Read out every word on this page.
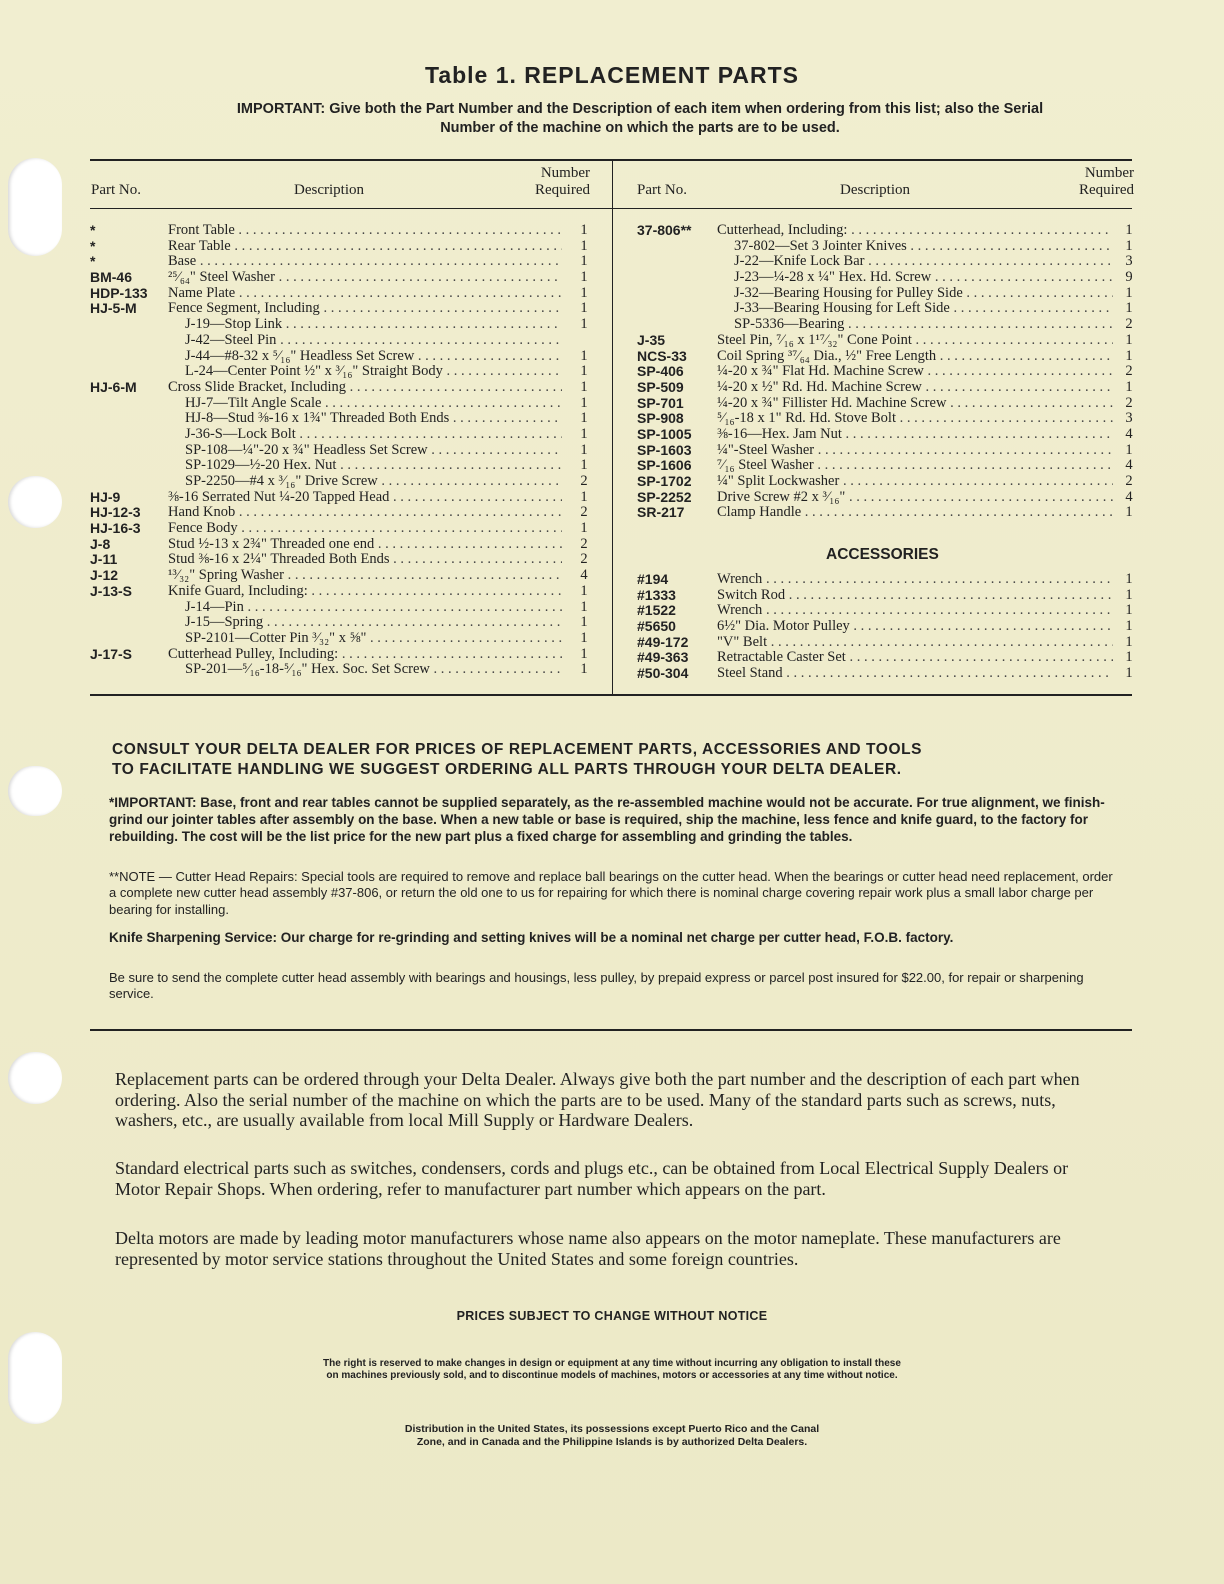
Table 1. REPLACEMENT PARTS
IMPORTANT: Give both the Part Number and the Description of each item when ordering from this list; also the Serial
Number of the machine on which the parts are to be used.
Part No.	Description
Number
Required	Part No.	Description
Number
Required
*	Front Table . . .	1
*	Rear Table . . .	1
*	Base . . .	1
BM-46 ²⁵⁄₆₄" Steel Washer . . .	1
HDP-133 Name Plate . . .	1
HJ-5-M Fence Segment, Including . . .	1
J-19—Stop Link . . .	1
J-42—Steel Pin . . .
J-44—#8-32 x ⁵⁄₁₆" Headless Set Screw . . .	1
L-24—Center Point ½" x ³⁄₁₆" Straight Body . . .	1
HJ-6-M Cross Slide Bracket, Including . . .	1
HJ-7—Tilt Angle Scale . . .	1
HJ-8—Stud ⅜-16 x 1¾" Threaded Both Ends . . .	1
J-36-S—Lock Bolt . . .	1
SP-108—¼"-20 x ¾" Headless Set Screw . . .	1
SP-1029—½-20 Hex. Nut . . .	1
SP-2250—#4 x ³⁄₁₆" Drive Screw . . .	2
HJ-9	⅜-16 Serrated Nut ¼-20 Tapped Head . . .	1
HJ-12-3 Hand Knob . . .	2
HJ-16-3 Fence Body . . .	1
J-8	Stud ½-13 x 2¾" Threaded one end . . .	2
J-11	Stud ⅜-16 x 2¼" Threaded Both Ends . . .	2
J-12	¹³⁄₃₂" Spring Washer . . .	4
J-13-S Knife Guard, Including: . . .	1
J-14—Pin . . .	1
J-15—Spring . . .	1
SP-2101—Cotter Pin ³⁄₃₂" x ⅝" . . .	1
J-17-S Cutterhead Pulley, Including: . . .	1
SP-201—⁵⁄₁₆-18-⁵⁄₁₆" Hex. Soc. Set Screw . . .	1
37-806** Cutterhead, Including: . . .	1
37-802—Set 3 Jointer Knives . . .	1
J-22—Knife Lock Bar . . .	3
J-23—¼-28 x ¼" Hex. Hd. Screw . . .	9
J-32—Bearing Housing for Pulley Side . . .	1
J-33—Bearing Housing for Left Side . . .	1
SP-5336—Bearing . . .	2
J-35	Steel Pin, ⁷⁄₁₆ x 1¹⁷⁄₃₂" Cone Point . . .	1
NCS-33 Coil Spring ³⁷⁄₆₄ Dia., ½" Free Length . . .	1
SP-406 ¼-20 x ¾" Flat Hd. Machine Screw . . .	2
SP-509 ¼-20 x ½" Rd. Hd. Machine Screw . . .	1
SP-701 ¼-20 x ¾" Fillister Hd. Machine Screw . . .	2
SP-908 ⁵⁄₁₆-18 x 1" Rd. Hd. Stove Bolt . . .	3
SP-1005 ⅜-16—Hex. Jam Nut . . .	4
SP-1603 ¼"-Steel Washer . . .	1
SP-1606 ⁷⁄₁₆ Steel Washer . . .	4
SP-1702 ¼" Split Lockwasher . . .	2
SP-2252 Drive Screw #2 x ³⁄₁₆" . . .	4
SR-217 Clamp Handle . . .	1
ACCESSORIES
#194	Wrench . . .	1
#1333	Switch Rod . . .	1
#1522	Wrench . . .	1
#5650	6½" Dia. Motor Pulley . . .	1
#49-172 "V" Belt . . .	1
#49-363 Retractable Caster Set . . .	1
#50-304 Steel Stand . . .	1
CONSULT YOUR DELTA DEALER FOR PRICES OF REPLACEMENT PARTS, ACCESSORIES AND TOOLS
TO FACILITATE HANDLING WE SUGGEST ORDERING ALL PARTS THROUGH YOUR DELTA DEALER.
*IMPORTANT: Base, front and rear tables cannot be supplied separately, as the re-assembled machine would not be accurate. For true alignment, we finish-grind our jointer tables after assembly on the base. When a new table or base is required, ship the machine, less fence and knife guard, to the factory for rebuilding. The cost will be the list price for the new part plus a fixed charge for assembling and grinding the tables.
**NOTE — Cutter Head Repairs: Special tools are required to remove and replace ball bearings on the cutter head. When the bearings or cutter head need replacement, order a complete new cutter head assembly #37-806, or return the old one to us for repairing for which there is nominal charge covering repair work plus a small labor charge per bearing for installing.
Knife Sharpening Service: Our charge for re-grinding and setting knives will be a nominal net charge per cutter head, F.O.B. factory.
Be sure to send the complete cutter head assembly with bearings and housings, less pulley, by prepaid express or parcel post insured for $22.00, for repair or sharpening service.
Replacement parts can be ordered through your Delta Dealer. Always give both the part number and the description of each part when ordering. Also the serial number of the machine on which the parts are to be used. Many of the standard parts such as screws, nuts, washers, etc., are usually available from local Mill Supply or Hardware Dealers.
Standard electrical parts such as switches, condensers, cords and plugs etc., can be obtained from Local Electrical Supply Dealers or Motor Repair Shops. When ordering, refer to manufacturer part number which appears on the part.
Delta motors are made by leading motor manufacturers whose name also appears on the motor nameplate. These manufacturers are represented by motor service stations throughout the United States and some foreign countries.
PRICES SUBJECT TO CHANGE WITHOUT NOTICE
The right is reserved to make changes in design or equipment at any time without incurring any obligation to install these
on machines previously sold, and to discontinue models of machines, motors or accessories at any time without notice.
Distribution in the United States, its possessions except Puerto Rico and the Canal
Zone, and in Canada and the Philippine Islands is by authorized Delta Dealers.
